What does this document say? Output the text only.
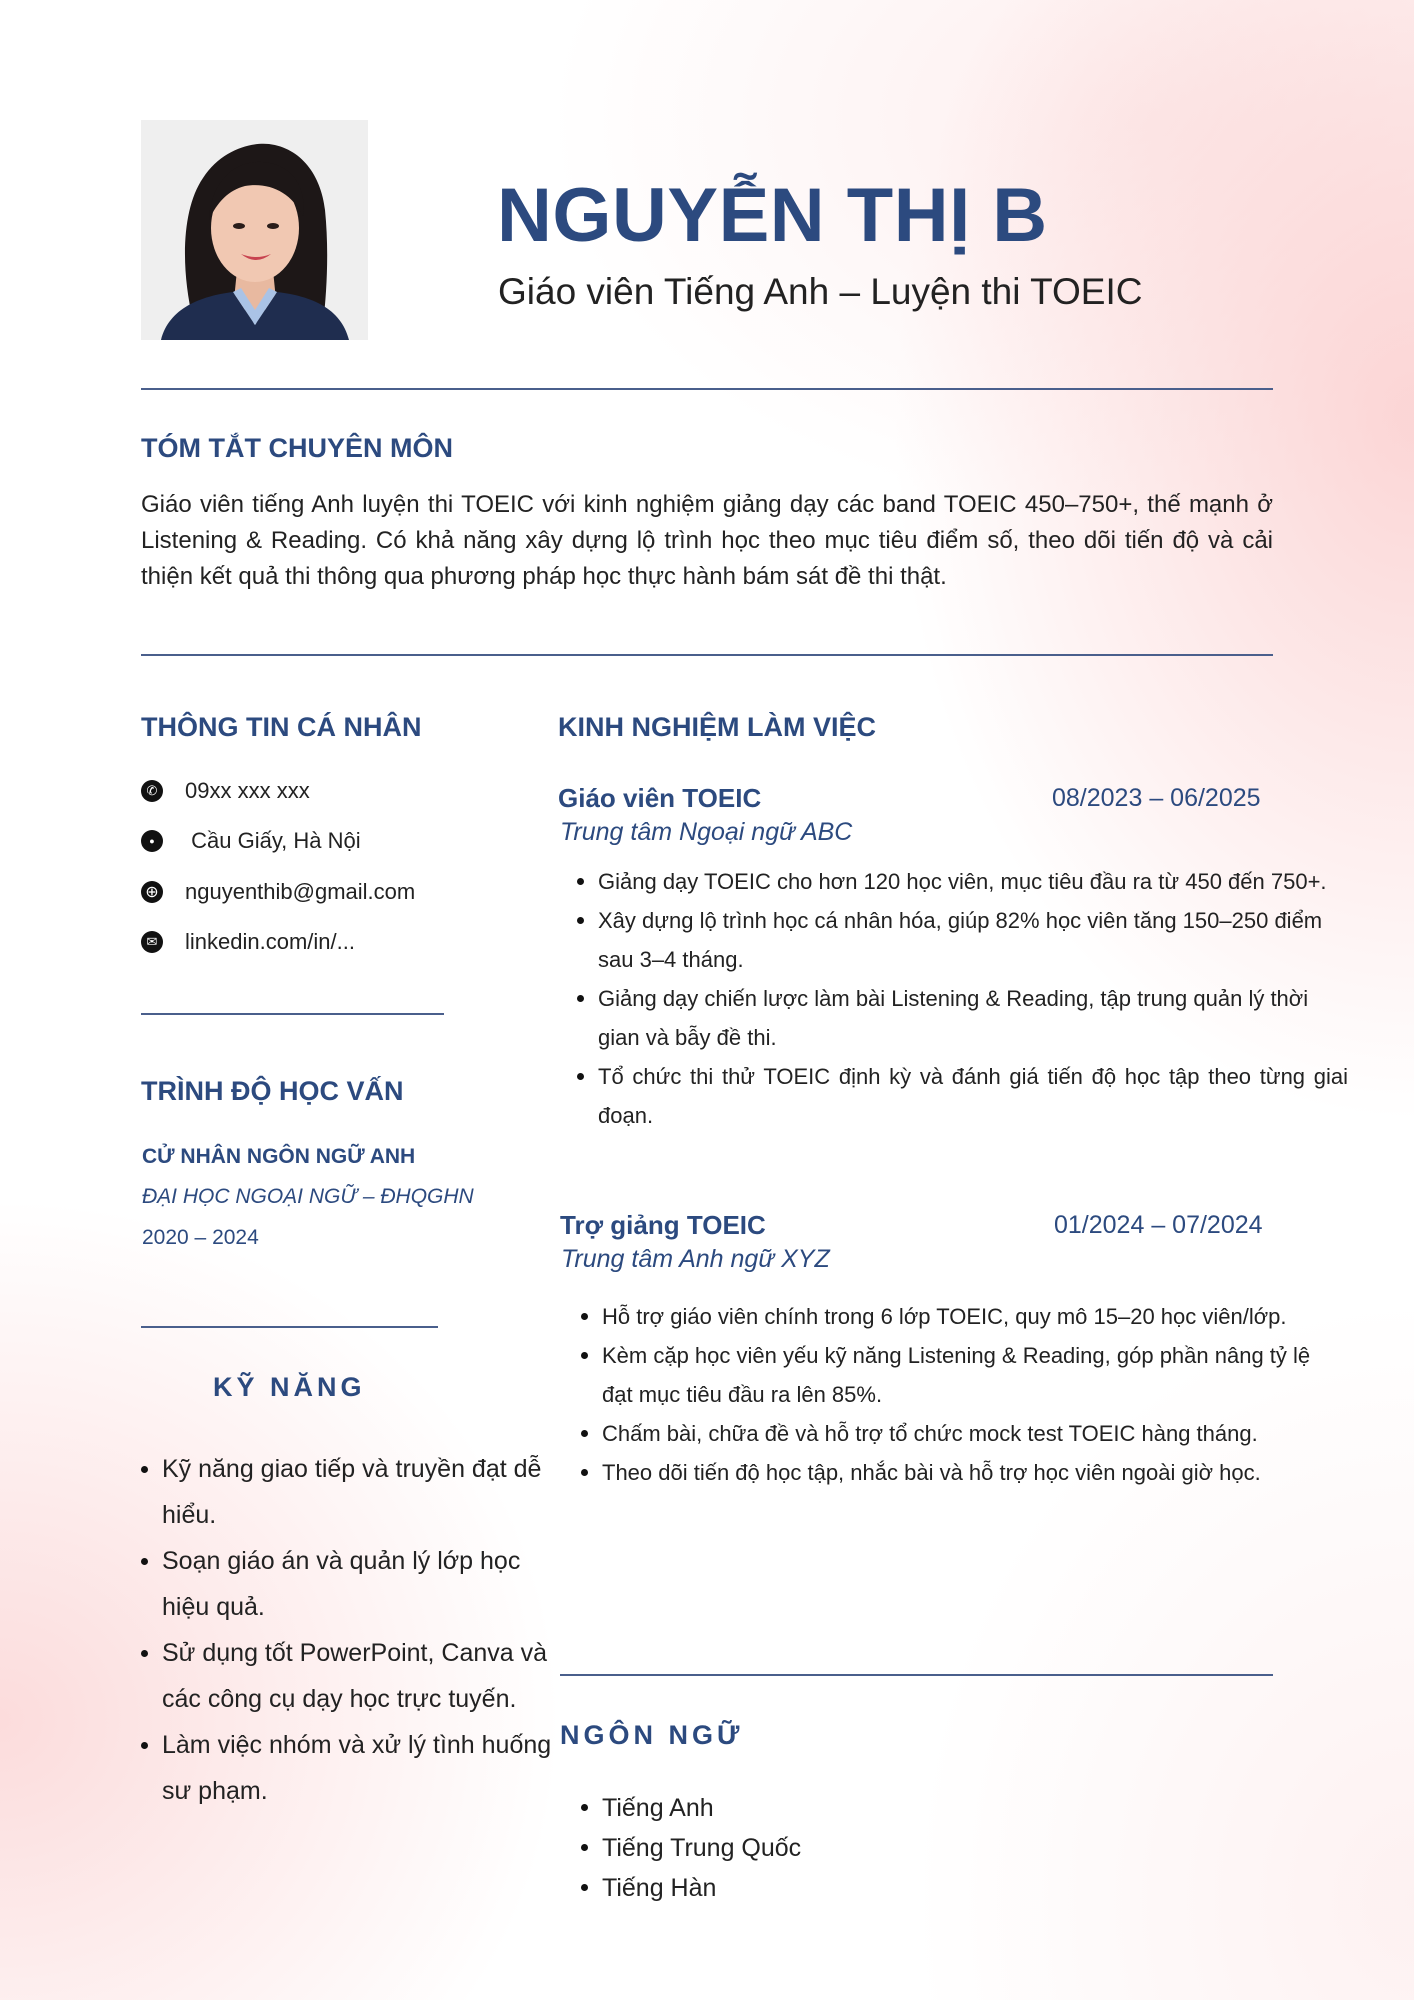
NGUYỄN THỊ B
Giáo viên Tiếng Anh – Luyện thi TOEIC
TÓM TẮT CHUYÊN MÔN
Giáo viên tiếng Anh luyện thi TOEIC với kinh nghiệm giảng dạy các band TOEIC 450–750+, thế mạnh ở Listening & Reading. Có khả năng xây dựng lộ trình học theo mục tiêu điểm số, theo dõi tiến độ và cải thiện kết quả thi thông qua phương pháp học thực hành bám sát đề thi thật.
THÔNG TIN CÁ NHÂN
✆ 09xx xxx xxx
●	Cầu Giấy, Hà Nội
⊕ nguyenthib@gmail.com
✉ linkedin.com/in/...
TRÌNH ĐỘ HỌC VẤN
CỬ NHÂN NGÔN NGỮ ANH
ĐẠI HỌC NGOẠI NGỮ – ĐHQGHN
2020 – 2024
KỸ NĂNG
Kỹ năng giao tiếp và truyền đạt dễ hiểu.
Soạn giáo án và quản lý lớp học hiệu quả.
Sử dụng tốt PowerPoint, Canva và các công cụ dạy học trực tuyến.
Làm việc nhóm và xử lý tình huống sư phạm.
KINH NGHIỆM LÀM VIỆC
Giáo viên TOEIC	08/2023 – 06/2025
Trung tâm Ngoại ngữ ABC
Giảng dạy TOEIC cho hơn 120 học viên, mục tiêu đầu ra từ 450 đến 750+.
Xây dựng lộ trình học cá nhân hóa, giúp 82% học viên tăng 150–250 điểm sau 3–4 tháng.
Giảng dạy chiến lược làm bài Listening & Reading, tập trung quản lý thời gian và bẫy đề thi.
Tổ chức thi thử TOEIC định kỳ và đánh giá tiến độ học tập theo từng giai đoạn.
Trợ giảng TOEIC	01/2024 – 07/2024
Trung tâm Anh ngữ XYZ
Hỗ trợ giáo viên chính trong 6 lớp TOEIC, quy mô 15–20 học viên/lớp.
Kèm cặp học viên yếu kỹ năng Listening & Reading, góp phần nâng tỷ lệ đạt mục tiêu đầu ra lên 85%.
Chấm bài, chữa đề và hỗ trợ tổ chức mock test TOEIC hàng tháng.
Theo dõi tiến độ học tập, nhắc bài và hỗ trợ học viên ngoài giờ học.
NGÔN NGỮ
Tiếng Anh
Tiếng Trung Quốc
Tiếng Hàn
